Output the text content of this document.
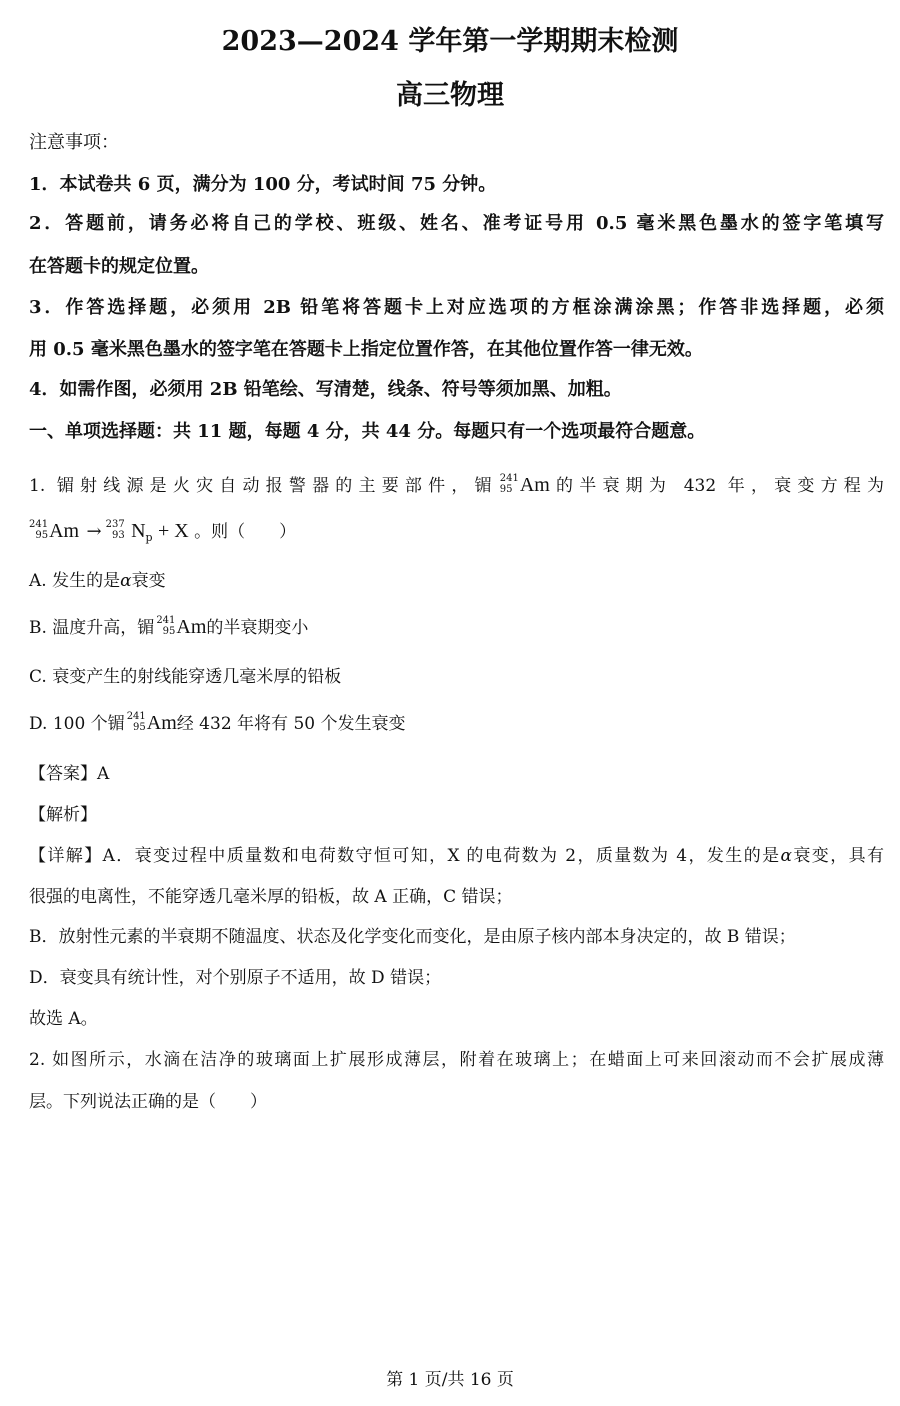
2023—2024 学年第一学期期末检测
高三物理
注意事项：
1．本试卷共 6 页，满分为 100 分，考试时间 75 分钟。
2．答题前，请务必将自己的学校、班级、姓名、准考证号用 0.5 毫米黑色墨水的签字笔填写
在答题卡的规定位置。
3．作答选择题，必须用 2B 铅笔将答题卡上对应选项的方框涂满涂黑；作答非选择题，必须
用 0.5 毫米黑色墨水的签字笔在答题卡上指定位置作答，在其他位置作答一律无效。
4．如需作图，必须用 2B 铅笔绘、写清楚，线条、符号等须加黑、加粗。
一、单项选择题：共 11 题，每题 4 分，共 44 分。每题只有一个选项最符合题意。
1. 镅射线源是火灾自动报警器的主要部件，镅 241
95 Am的半衰期为 432 年，衰变方程为
241
95 Am → 237
93 $N_p + X$ 。则（　　）
A. 发生的是α衰变
B. 温度升高，镅 241
95 Am的半衰期变小
C. 衰变产生的射线能穿透几毫米厚的铅板
D. 100 个镅 241
95 Am经 432 年将有 50 个发生衰变
【答案】A
【解析】
【详解】A．衰变过程中质量数和电荷数守恒可知，X 的电荷数为 2，质量数为 4，发生的是α衰变，具有
很强的电离性，不能穿透几毫米厚的铅板，故 A 正确，C 错误；
B．放射性元素的半衰期不随温度、状态及化学变化而变化，是由原子核内部本身决定的，故 B 错误；
D．衰变具有统计性，对个别原子不适用，故 D 错误；
故选 A。
2. 如图所示，水滴在洁净的玻璃面上扩展形成薄层，附着在玻璃上；在蜡面上可来回滚动而不会扩展成薄
层。下列说法正确的是（　　）
第 1 页/共 16 页
